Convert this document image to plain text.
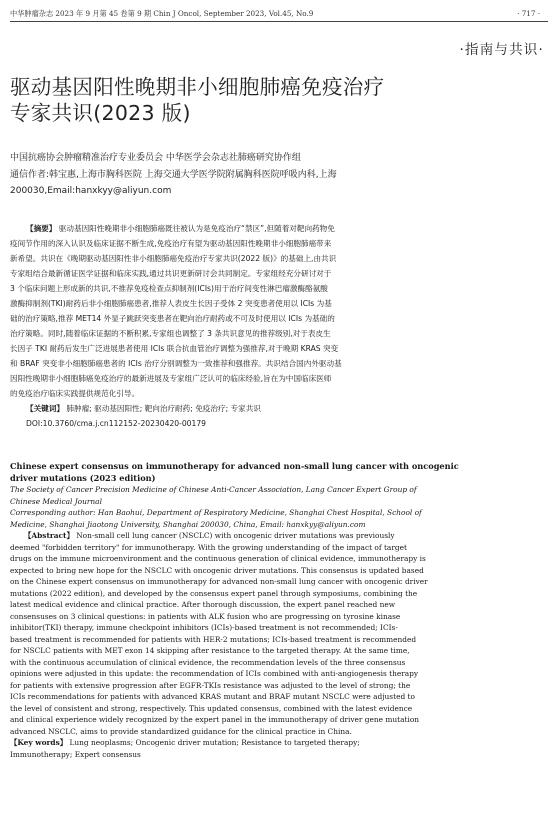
中华肿瘤杂志 2023 年 9 月第 45 卷第 9 期 Chin J Oncol, September 2023, Vol.45, No.9	· 717 ·
·指南与共识·
驱动基因阳性晚期非小细胞肺癌免疫治疗
专家共识(2023 版)
中国抗癌协会肿瘤精准治疗专业委员会 中华医学会杂志社肺癌研究协作组
通信作者:韩宝惠,上海市胸科医院 上海交通大学医学院附属胸科医院呼吸内科,上海
200030,Email:hanxkyy@aliyun.com
【摘要】 驱动基因阳性晚期非小细胞肺癌既往被认为是免疫治疗“禁区”,但随着对靶向药物免
疫间节作用的深入认识及临床证据不断生成,免疫治疗有望为驱动基因阳性晚期非小细胞肺癌带来
新希望。共识在《晚期驱动基因阳性非小细胞肺癌免疫治疗专家共识(2022 版)》的基础上,由共识
专家组结合最新循证医学证据和临床实践,通过共识更新研讨会共同制定。专家组经充分研讨对于
3 个临床问题上形成新的共识,不推荐免疫检查点抑制剂(ICIs)用于治疗间变性淋巴瘤激酶酪氨酸
激酶抑制剂(TKI)耐药后非小细胞肺癌患者,推荐人表皮生长因子受体 2 突变患者使用以 ICIs 为基
础的治疗策略,推荐 MET14 外显子跳跃突变患者在靶向治疗耐药或不可及时使用以 ICIs 为基础的
治疗策略。同时,随着临床证据的不断积累,专家组也调整了 3 条共识意见的推荐级别,对于表皮生
长因子 TKI 耐药后发生广泛进展患者使用 ICIs 联合抗血管治疗调整为强推荐,对于晚期 KRAS 突变
和 BRAF 突变非小细胞肺癌患者的 ICIs 治疗分别调整为一致推荐和强推荐。共识结合国内外驱动基
因阳性晚期非小细胞肺癌免疫治疗的最新进展及专家组广泛认可的临床经验,旨在为中国临床医师
的免疫治疗临床实践提供规范化引导。
【关键词】 肺肿瘤; 驱动基因阳性; 靶向治疗耐药; 免疫治疗; 专家共识
DOI:10.3760/cma.j.cn112152-20230420-00179
Chinese expert consensus on immunotherapy for advanced non-small lung cancer with oncogenic
driver mutations (2023 edition)
The Society of Cancer Precision Medicine of Chinese Anti-Cancer Association, Lang Cancer Expert Group of
Chinese Medical Journal
Corresponding author: Han Baohui, Department of Respiratory Medicine, Shanghai Chest Hospital, School of
Medicine, Shanghai Jiaotong University, Shanghai 200030, China, Email: hanxkyy@aliyun.com
【Abstract】 Non-small cell lung cancer (NSCLC) with oncogenic driver mutations was previously
deemed "forbidden territory" for immunotherapy. With the growing understanding of the impact of target
drugs on the immune microenvironment and the continuous generation of clinical evidence, immunotherapy is
expected to bring new hope for the NSCLC with oncogenic driver mutations. This consensus is updated based
on the Chinese expert consensus on immunotherapy for advanced non-small lung cancer with oncogenic driver
mutations (2022 edition), and developed by the consensus expert panel through symposiums, combining the
latest medical evidence and clinical practice. After thorough discussion, the expert panel reached new
consensuses on 3 clinical questions: in patients with ALK fusion who are progressing on tyrosine kinase
inhibitor(TKI) therapy, immune checkpoint inhibitors (ICIs)-based treatment is not recommended; ICIs-
based treatment is recommended for patients with HER-2 mutations; ICIs-based treatment is recommended
for NSCLC patients with MET exon 14 skipping after resistance to the targeted therapy. At the same time,
with the continuous accumulation of clinical evidence, the recommendation levels of the three consensus
opinions were adjusted in this update: the recommendation of ICIs combined with anti-angiogenesis therapy
for patients with extensive progression after EGFR-TKIs resistance was adjusted to the level of strong; the
ICIs recommendations for patients with advanced KRAS mutant and BRAF mutant NSCLC were adjusted to
the level of consistent and strong, respectively. This updated consensus, combined with the latest evidence
and clinical experience widely recognized by the expert panel in the immunotherapy of driver gene mutation
advanced NSCLC, aims to provide standardized guidance for the clinical practice in China.
【Key words】 Lung neoplasms; Oncogenic driver mutation; Resistance to targeted therapy;
Immunotherapy; Expert consensus
